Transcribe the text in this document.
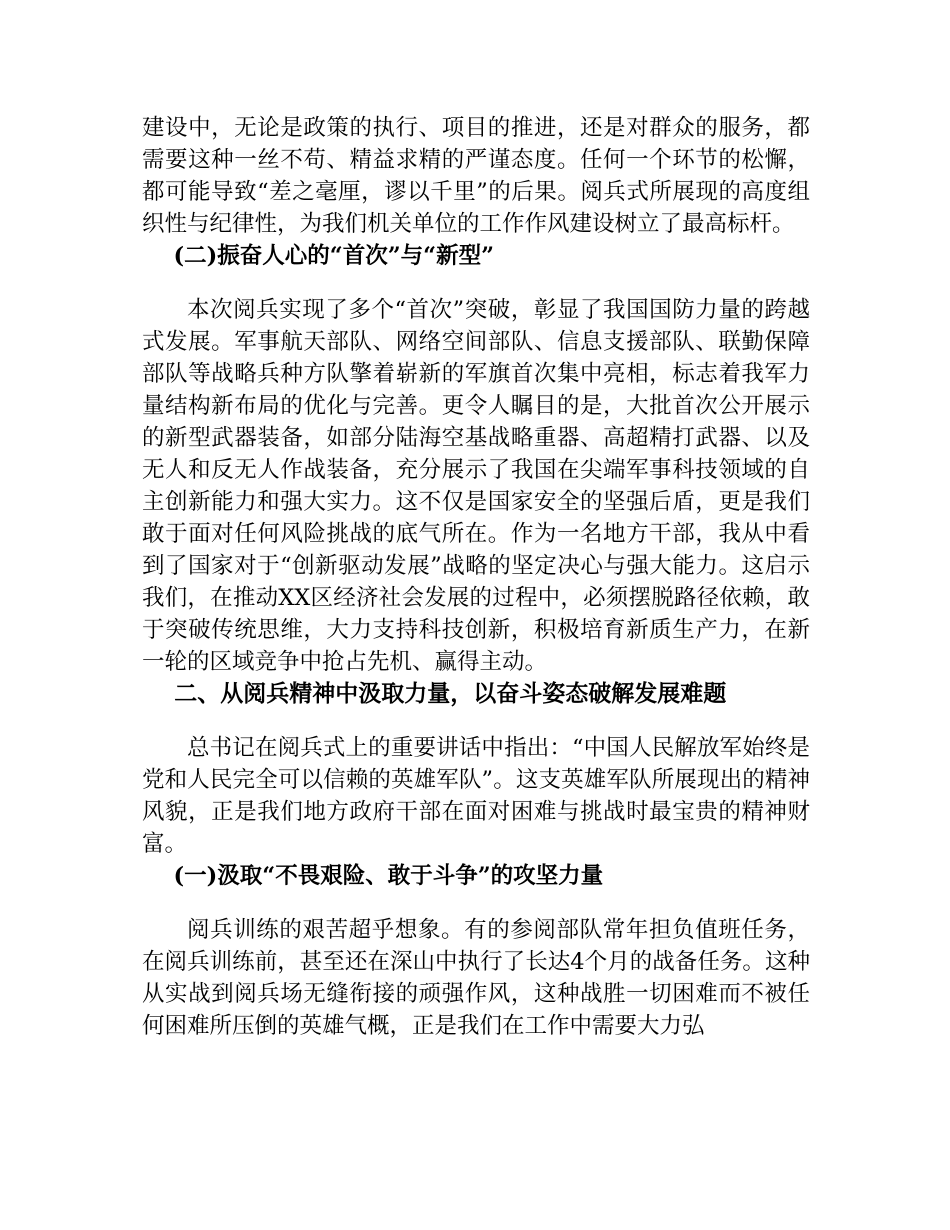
建设中，无论是政策的执行、项目的推进，还是对群众的服务，都需要这种一丝不苟、精益求精的严谨态度。任何一个环节的松懈，都可能导致“差之毫厘，谬以千里”的后果。阅兵式所展现的高度组织性与纪律性，为我们机关单位的工作作风建设树立了最高标杆。

(二)振奋人心的“首次”与“新型”

本次阅兵实现了多个“首次”突破，彰显了我国国防力量的跨越式发展。军事航天部队、网络空间部队、信息支援部队、联勤保障部队等战略兵种方队擎着崭新的军旗首次集中亮相，标志着我军力量结构新布局的优化与完善。更令人瞩目的是，大批首次公开展示的新型武器装备，如部分陆海空基战略重器、高超精打武器、以及无人和反无人作战装备，充分展示了我国在尖端军事科技领域的自主创新能力和强大实力。这不仅是国家安全的坚强后盾，更是我们敢于面对任何风险挑战的底气所在。作为一名地方干部，我从中看到了国家对于“创新驱动发展”战略的坚定决心与强大能力。这启示我们，在推动XX区经济社会发展的过程中，必须摆脱路径依赖，敢于突破传统思维，大力支持科技创新，积极培育新质生产力，在新一轮的区域竞争中抢占先机、赢得主动。

二、从阅兵精神中汲取力量，以奋斗姿态破解发展难题

总书记在阅兵式上的重要讲话中指出：“中国人民解放军始终是党和人民完全可以信赖的英雄军队”。这支英雄军队所展现出的精神风貌，正是我们地方政府干部在面对困难与挑战时最宝贵的精神财富。

(一)汲取“不畏艰险、敢于斗争”的攻坚力量

阅兵训练的艰苦超乎想象。有的参阅部队常年担负值班任务，在阅兵训练前，甚至还在深山中执行了长达4个月的战备任务。这种从实战到阅兵场无缝衔接的顽强作风，这种战胜一切困难而不被任何困难所压倒的英雄气概，正是我们在工作中需要大力弘
